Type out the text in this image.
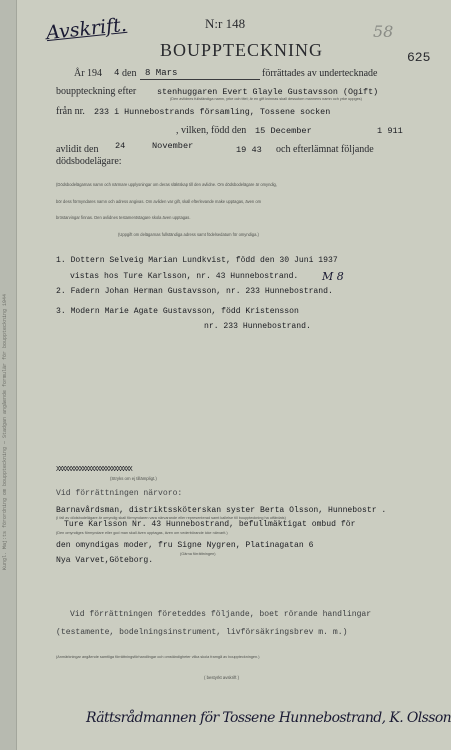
Kungl. Maj:ts förordning om bouppteckning — Stadgan angående formulär för bouppteckning 1944
Avskrift.	N:r 148	58
625
BOUPPTECKNING
År 194 4 den 8 Mars	förrättades av undertecknade
bouppteckning efter stenhuggaren Evert Glayle Gustavsson (Ogift)
(Den avlidnes fullständiga namn, yrke och titel; är en gift kvinnas skall dessutom mannens namn och yrke uppges)
från nr. 233 i Hunnebostrands församling, Tossene socken
, vilken, född den 15 December	1 911
avlidit den 24	November	19 43 och efterlämnat följande
dödsbodelägare:
(Dödsbodelägarnas namn och närmare upplysningar om deras släktskap till den avlidne. Om dödsbodelägare är omyndig,
bör dess förmyndares namn och adress angivas. Om avliden var gift, skall efterlevande make upptagas, även om
bröstarvingar finnas. Den avlidnes testamentstagare skola även upptagas.
(Uppgift om delägarnas fullständiga adress samt födelsedatum för omyndiga.)
1. Dottern Selveig Marian Lundkvist, född den 30 Juni 1937
vistas hos Ture Karlsson, nr. 43 Hunnebostrand. M 8
2. Fadern Johan Herman Gustavsson, nr. 233 Hunnebostrand.
3. Modern Marie Agate Gustavsson, född Kristensson
nr. 233 Hunnebostrand.
XXXXXXXXXXXXXXXXXXXXXXXXXX
(Stryks om ej tillämpligt.)
Vid förrättningen närvoro:
Barnavårdsman, distriktssköterskan syster Berta Olsson, Hunnebostr .
(I fall av dödsbodelägare är omyndig skall förmyndaren vara närvarande eller representerad samt kallelse till bouppteckning ha utfärdats)
Ture Karlsson Nr. 43 Hunnebostrand, befullmäktigat ombud för
(Den omyndiges förmyndare eller god man skall även upptagas, även om vederbörande icke närvarit.)
den omyndigas moder, fru Signe Nygren, Platinagatan 6
(Gärna förrättningen)
Nya Varvet,Göteborg.
Vid förrättningen företeddes följande, boet rörande handlingar
(testamente, bodelningsinstrument, livförsäkringsbrev m. m.)
(Anmärkningar angående samtliga förrättningsförhandlingar och omständigheter vilka skola framgå av bouppteckningen.)
( bestyrkt avskrift )
Rättsrådmannen för Tossene Hunnebostrand, K. Olsson
